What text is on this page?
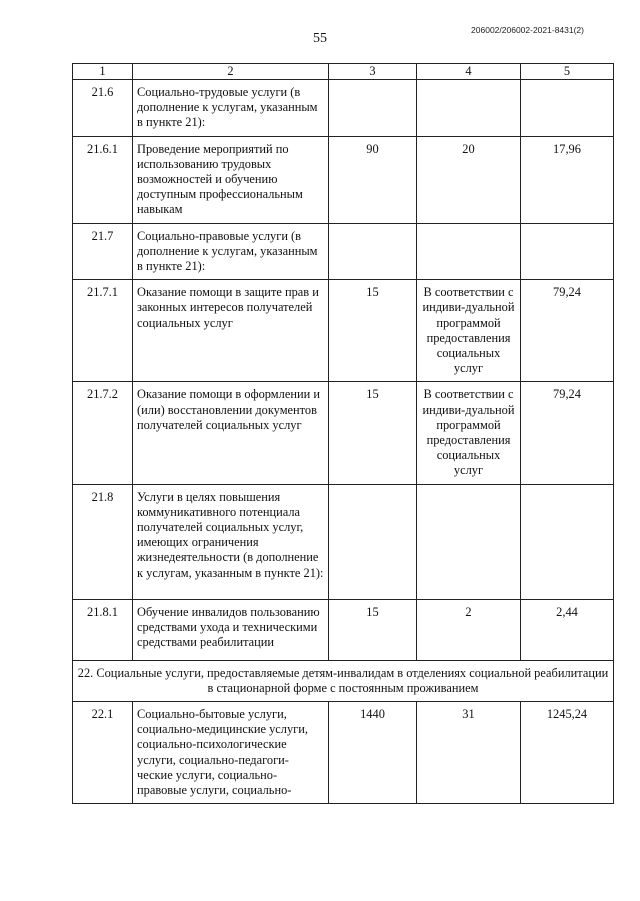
55
206002/206002-2021-8431(2)
1	2	3	4	5
21.6	Социально-трудовые услуги (в дополнение к услугам, указанным в пункте 21):			
21.6.1	Проведение мероприятий по использованию трудовых возможностей и обучению доступным профессиональным навыкам	90	20	17,96
21.7	Социально-правовые услуги (в дополнение к услугам, указанным в пункте 21):			
21.7.1	Оказание помощи в защите прав и законных интересов получателей социальных услуг	15	В соответствии с индиви-дуальной программой предоставления социальных услуг	79,24
21.7.2	Оказание помощи в оформлении и (или) восстановлении документов получателей социальных услуг	15	В соответствии с индиви-дуальной программой предоставления социальных услуг	79,24
21.8	Услуги в целях повышения коммуникативного потенциала получателей социальных услуг, имеющих ограничения жизнедеятельности (в дополнение к услугам, указанным в пункте 21):			
21.8.1	Обучение инвалидов пользованию средствами ухода и техническими средствами реабилитации	15	2	2,44
22. Социальные услуги, предоставляемые детям-инвалидам в отделениях социальной реабилитации в стационарной форме с постоянным проживанием				
22.1	Социально-бытовые услуги, социально-медицинские услуги, социально-психологические услуги, социально-педагоги-ческие услуги, социально-правовые услуги, социально-	1440	31	1245,24
